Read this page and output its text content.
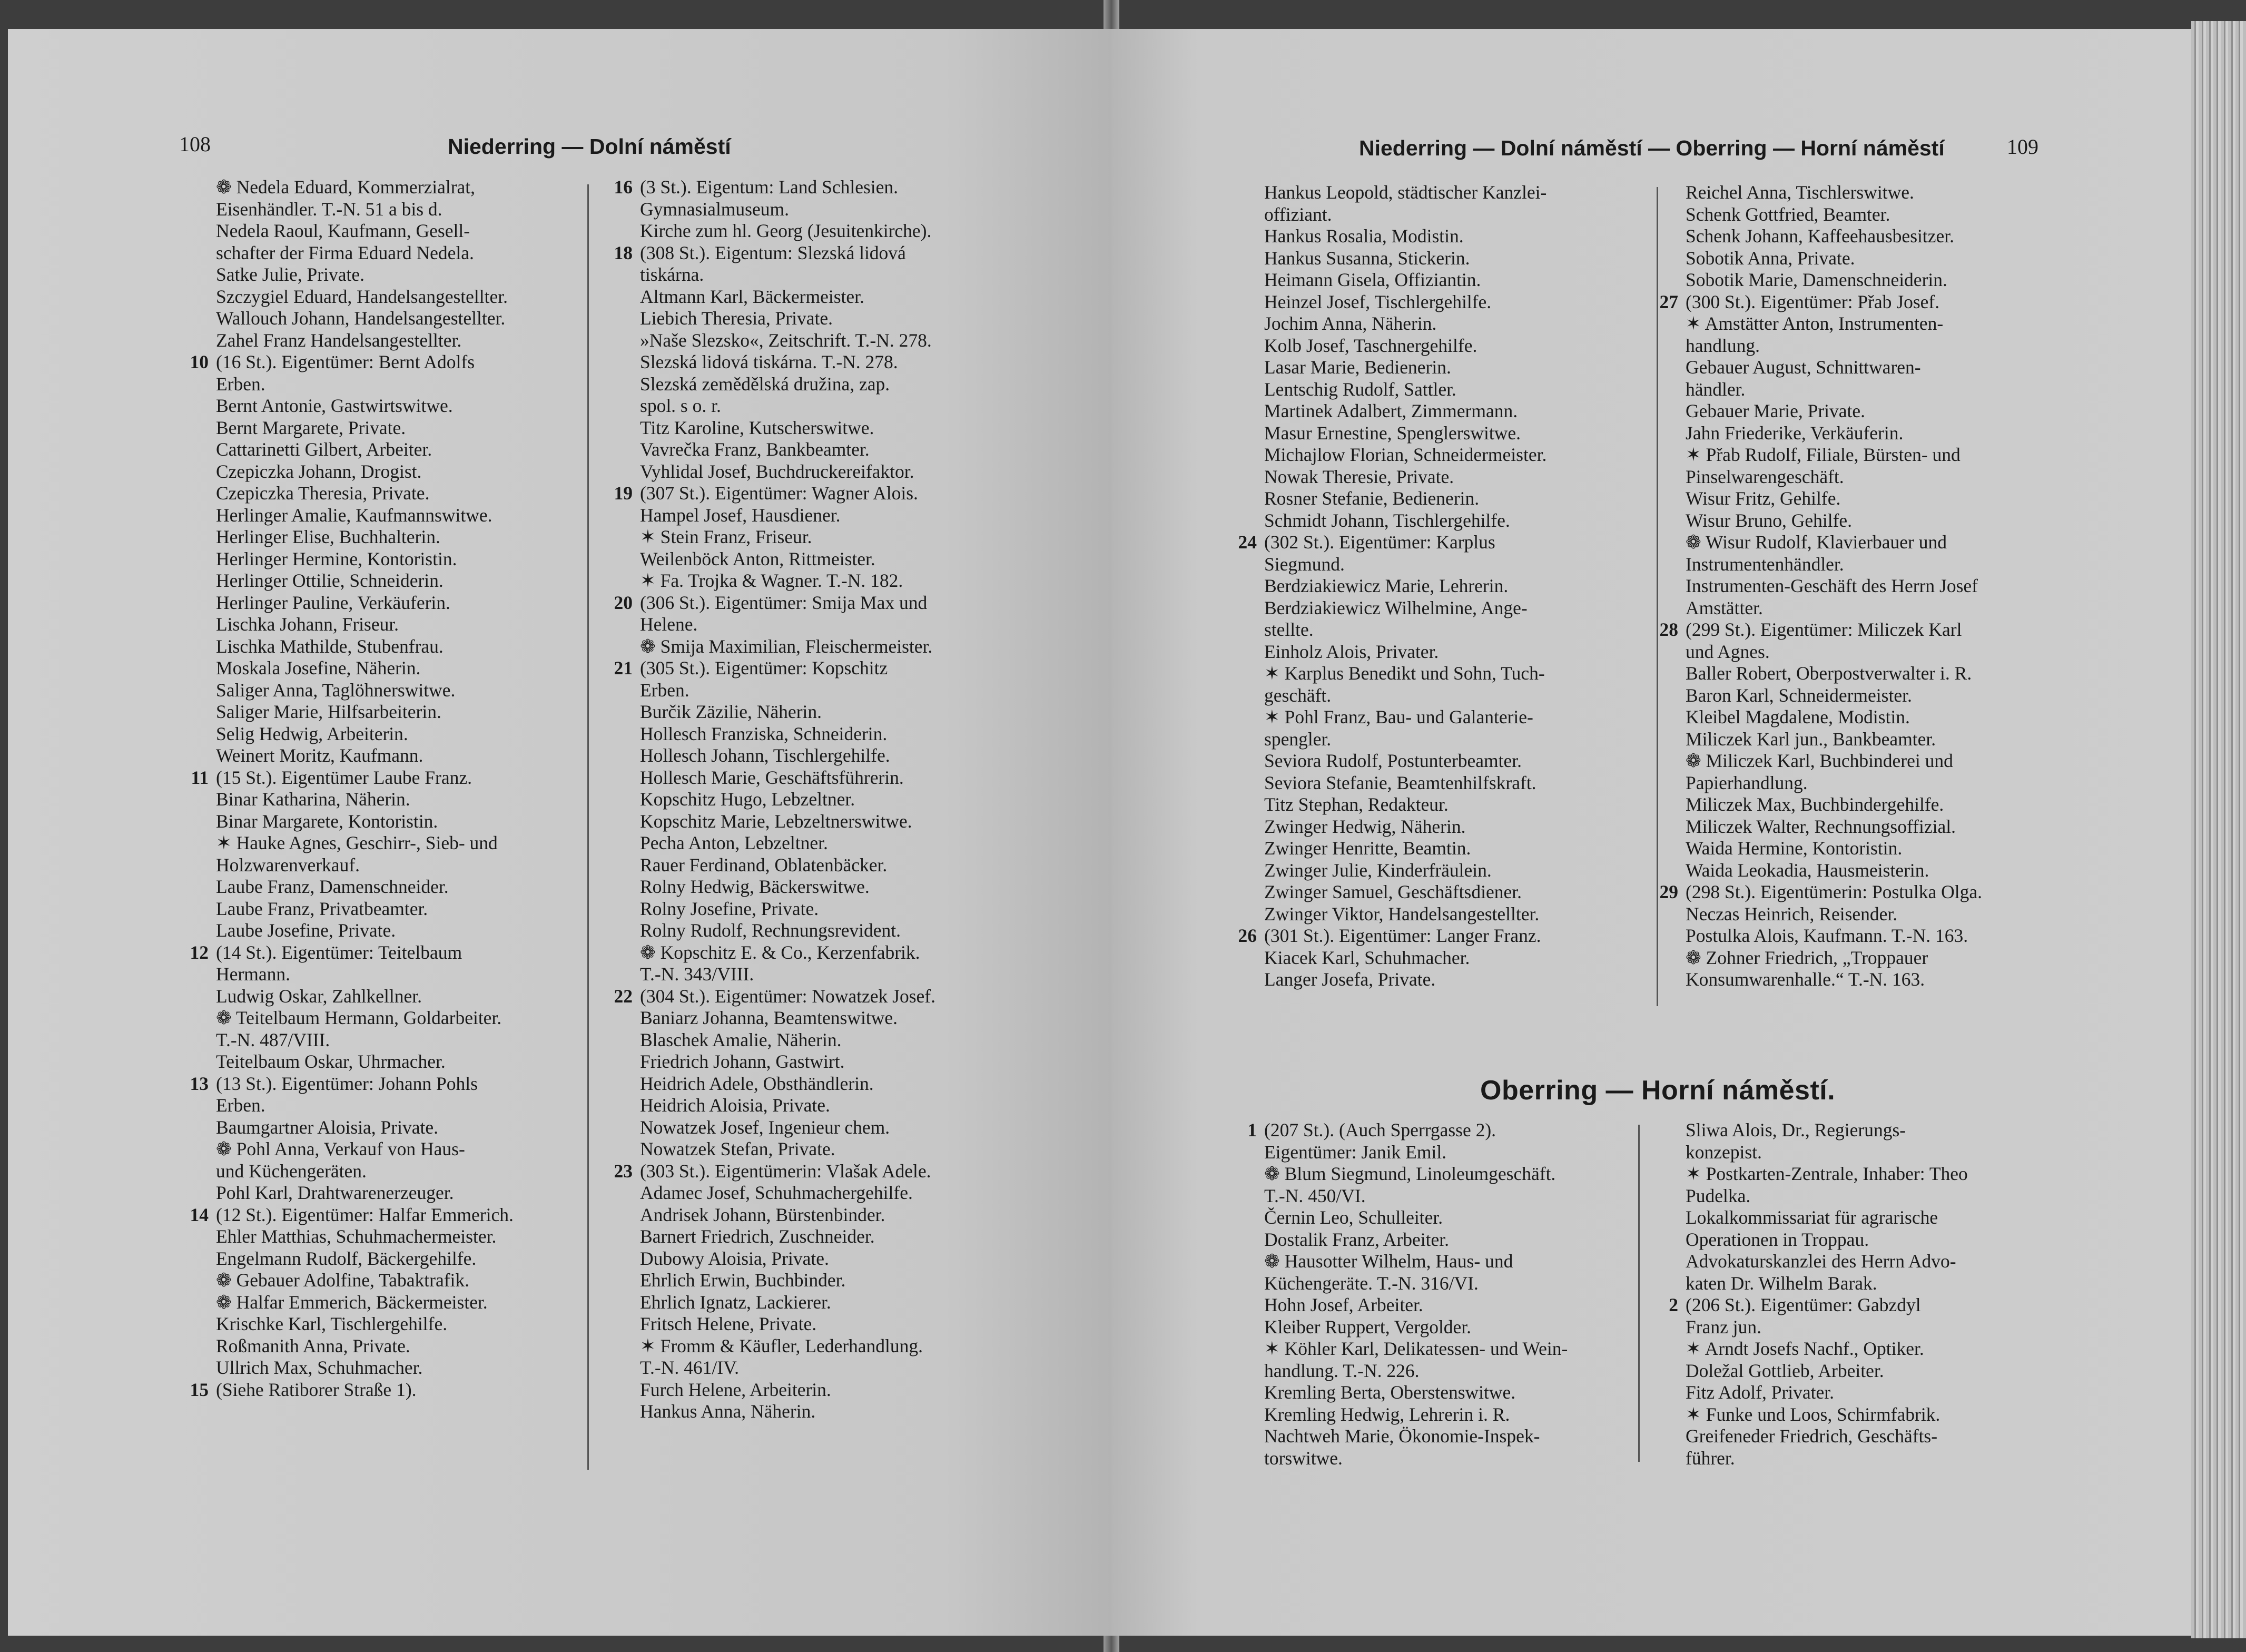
108	Niederring — Dolní náměstí
❁ Nedela Eduard, Kommerzialrat,
Eisenhändler. T.-N. 51 a bis d.
Nedela Raoul, Kaufmann, Gesell-
schafter der Firma Eduard Nedela.
Satke Julie, Private.
Szczygiel Eduard, Handelsangestellter.
Wallouch Johann, Handelsangestellter.
Zahel Franz Handelsangestellter.
10 (16 St.). Eigentümer: Bernt Adolfs
Erben.
Bernt Antonie, Gastwirtswitwe.
Bernt Margarete, Private.
Cattarinetti Gilbert, Arbeiter.
Czepiczka Johann, Drogist.
Czepiczka Theresia, Private.
Herlinger Amalie, Kaufmannswitwe.
Herlinger Elise, Buchhalterin.
Herlinger Hermine, Kontoristin.
Herlinger Ottilie, Schneiderin.
Herlinger Pauline, Verkäuferin.
Lischka Johann, Friseur.
Lischka Mathilde, Stubenfrau.
Moskala Josefine, Näherin.
Saliger Anna, Taglöhnerswitwe.
Saliger Marie, Hilfsarbeiterin.
Selig Hedwig, Arbeiterin.
Weinert Moritz, Kaufmann.
11 (15 St.). Eigentümer Laube Franz.
Binar Katharina, Näherin.
Binar Margarete, Kontoristin.
✶ Hauke Agnes, Geschirr-, Sieb- und
Holzwarenverkauf.
Laube Franz, Damenschneider.
Laube Franz, Privatbeamter.
Laube Josefine, Private.
12 (14 St.). Eigentümer: Teitelbaum
Hermann.
Ludwig Oskar, Zahlkellner.
❁ Teitelbaum Hermann, Goldarbeiter.
T.-N. 487/VIII.
Teitelbaum Oskar, Uhrmacher.
13 (13 St.). Eigentümer: Johann Pohls
Erben.
Baumgartner Aloisia, Private.
❁ Pohl Anna, Verkauf von Haus-
und Küchengeräten.
Pohl Karl, Drahtwarenerzeuger.
14 (12 St.). Eigentümer: Halfar Emmerich.
Ehler Matthias, Schuhmachermeister.
Engelmann Rudolf, Bäckergehilfe.
❁ Gebauer Adolfine, Tabaktrafik.
❁ Halfar Emmerich, Bäckermeister.
Krischke Karl, Tischlergehilfe.
Roßmanith Anna, Private.
Ullrich Max, Schuhmacher.
15 (Siehe Ratiborer Straße 1).
16 (3 St.). Eigentum: Land Schlesien.
Gymnasialmuseum.
Kirche zum hl. Georg (Jesuitenkirche).
18 (308 St.). Eigentum: Slezská lidová
tiskárna.
Altmann Karl, Bäckermeister.
Liebich Theresia, Private.
»Naše Slezsko«, Zeitschrift. T.-N. 278.
Slezská lidová tiskárna. T.-N. 278.
Slezská zemědělská družina, zap.
spol. s o. r.
Titz Karoline, Kutscherswitwe.
Vavrečka Franz, Bankbeamter.
Vyhlidal Josef, Buchdruckereifaktor.
19 (307 St.). Eigentümer: Wagner Alois.
Hampel Josef, Hausdiener.
✶ Stein Franz, Friseur.
Weilenböck Anton, Rittmeister.
✶ Fa. Trojka & Wagner. T.-N. 182.
20 (306 St.). Eigentümer: Smija Max und
Helene.
❁ Smija Maximilian, Fleischermeister.
21 (305 St.). Eigentümer: Kopschitz
Erben.
Burčik Zäzilie, Näherin.
Hollesch Franziska, Schneiderin.
Hollesch Johann, Tischlergehilfe.
Hollesch Marie, Geschäftsführerin.
Kopschitz Hugo, Lebzeltner.
Kopschitz Marie, Lebzeltnerswitwe.
Pecha Anton, Lebzeltner.
Rauer Ferdinand, Oblatenbäcker.
Rolny Hedwig, Bäckerswitwe.
Rolny Josefine, Private.
Rolny Rudolf, Rechnungsrevident.
❁ Kopschitz E. & Co., Kerzenfabrik.
T.-N. 343/VIII.
22 (304 St.). Eigentümer: Nowatzek Josef.
Baniarz Johanna, Beamtenswitwe.
Blaschek Amalie, Näherin.
Friedrich Johann, Gastwirt.
Heidrich Adele, Obsthändlerin.
Heidrich Aloisia, Private.
Nowatzek Josef, Ingenieur chem.
Nowatzek Stefan, Private.
23 (303 St.). Eigentümerin: Vlašak Adele.
Adamec Josef, Schuhmachergehilfe.
Andrisek Johann, Bürstenbinder.
Barnert Friedrich, Zuschneider.
Dubowy Aloisia, Private.
Ehrlich Erwin, Buchbinder.
Ehrlich Ignatz, Lackierer.
Fritsch Helene, Private.
✶ Fromm & Käufler, Lederhandlung.
T.-N. 461/IV.
Furch Helene, Arbeiterin.
Hankus Anna, Näherin.
Niederring — Dolní náměstí — Oberring — Horní náměstí	109
Hankus Leopold, städtischer Kanzlei-
offiziant.
Hankus Rosalia, Modistin.
Hankus Susanna, Stickerin.
Heimann Gisela, Offiziantin.
Heinzel Josef, Tischlergehilfe.
Jochim Anna, Näherin.
Kolb Josef, Taschnergehilfe.
Lasar Marie, Bedienerin.
Lentschig Rudolf, Sattler.
Martinek Adalbert, Zimmermann.
Masur Ernestine, Spenglerswitwe.
Michajlow Florian, Schneidermeister.
Nowak Theresie, Private.
Rosner Stefanie, Bedienerin.
Schmidt Johann, Tischlergehilfe.
24 (302 St.). Eigentümer: Karplus
Siegmund.
Berdziakiewicz Marie, Lehrerin.
Berdziakiewicz Wilhelmine, Ange-
stellte.
Einholz Alois, Privater.
✶ Karplus Benedikt und Sohn, Tuch-
geschäft.
✶ Pohl Franz, Bau- und Galanterie-
spengler.
Seviora Rudolf, Postunterbeamter.
Seviora Stefanie, Beamtenhilfskraft.
Titz Stephan, Redakteur.
Zwinger Hedwig, Näherin.
Zwinger Henritte, Beamtin.
Zwinger Julie, Kinderfräulein.
Zwinger Samuel, Geschäftsdiener.
Zwinger Viktor, Handelsangestellter.
26 (301 St.). Eigentümer: Langer Franz.
Kiacek Karl, Schuhmacher.
Langer Josefa, Private.
Reichel Anna, Tischlerswitwe.
Schenk Gottfried, Beamter.
Schenk Johann, Kaffeehausbesitzer.
Sobotik Anna, Private.
Sobotik Marie, Damenschneiderin.
27 (300 St.). Eigentümer: Přab Josef.
✶ Amstätter Anton, Instrumenten-
handlung.
Gebauer August, Schnittwaren-
händler.
Gebauer Marie, Private.
Jahn Friederike, Verkäuferin.
✶ Přab Rudolf, Filiale, Bürsten- und
Pinselwarengeschäft.
Wisur Fritz, Gehilfe.
Wisur Bruno, Gehilfe.
❁ Wisur Rudolf, Klavierbauer und
Instrumentenhändler.
Instrumenten-Geschäft des Herrn Josef
Amstätter.
28 (299 St.). Eigentümer: Miliczek Karl
und Agnes.
Baller Robert, Oberpostverwalter i. R.
Baron Karl, Schneidermeister.
Kleibel Magdalene, Modistin.
Miliczek Karl jun., Bankbeamter.
❁ Miliczek Karl, Buchbinderei und
Papierhandlung.
Miliczek Max, Buchbindergehilfe.
Miliczek Walter, Rechnungsoffizial.
Waida Hermine, Kontoristin.
Waida Leokadia, Hausmeisterin.
29 (298 St.). Eigentümerin: Postulka Olga.
Neczas Heinrich, Reisender.
Postulka Alois, Kaufmann. T.-N. 163.
❁ Zohner Friedrich, „Troppauer
Konsumwarenhalle.“ T.-N. 163.
Oberring — Horní náměstí.
1 (207 St.). (Auch Sperrgasse 2).
Eigentümer: Janik Emil.
❁ Blum Siegmund, Linoleumgeschäft.
T.-N. 450/VI.
Černin Leo, Schulleiter.
Dostalik Franz, Arbeiter.
❁ Hausotter Wilhelm, Haus- und
Küchengeräte. T.-N. 316/VI.
Hohn Josef, Arbeiter.
Kleiber Ruppert, Vergolder.
✶ Köhler Karl, Delikatessen- und Wein-
handlung. T.-N. 226.
Kremling Berta, Oberstenswitwe.
Kremling Hedwig, Lehrerin i. R.
Nachtweh Marie, Ökonomie-Inspek-
torswitwe.
Sliwa Alois, Dr., Regierungs-
konzepist.
✶ Postkarten-Zentrale, Inhaber: Theo
Pudelka.
Lokalkommissariat für agrarische
Operationen in Troppau.
Advokaturskanzlei des Herrn Advo-
katen Dr. Wilhelm Barak.
2 (206 St.). Eigentümer: Gabzdyl
Franz jun.
✶ Arndt Josefs Nachf., Optiker.
Doležal Gottlieb, Arbeiter.
Fitz Adolf, Privater.
✶ Funke und Loos, Schirmfabrik.
Greifeneder Friedrich, Geschäfts-
führer.
